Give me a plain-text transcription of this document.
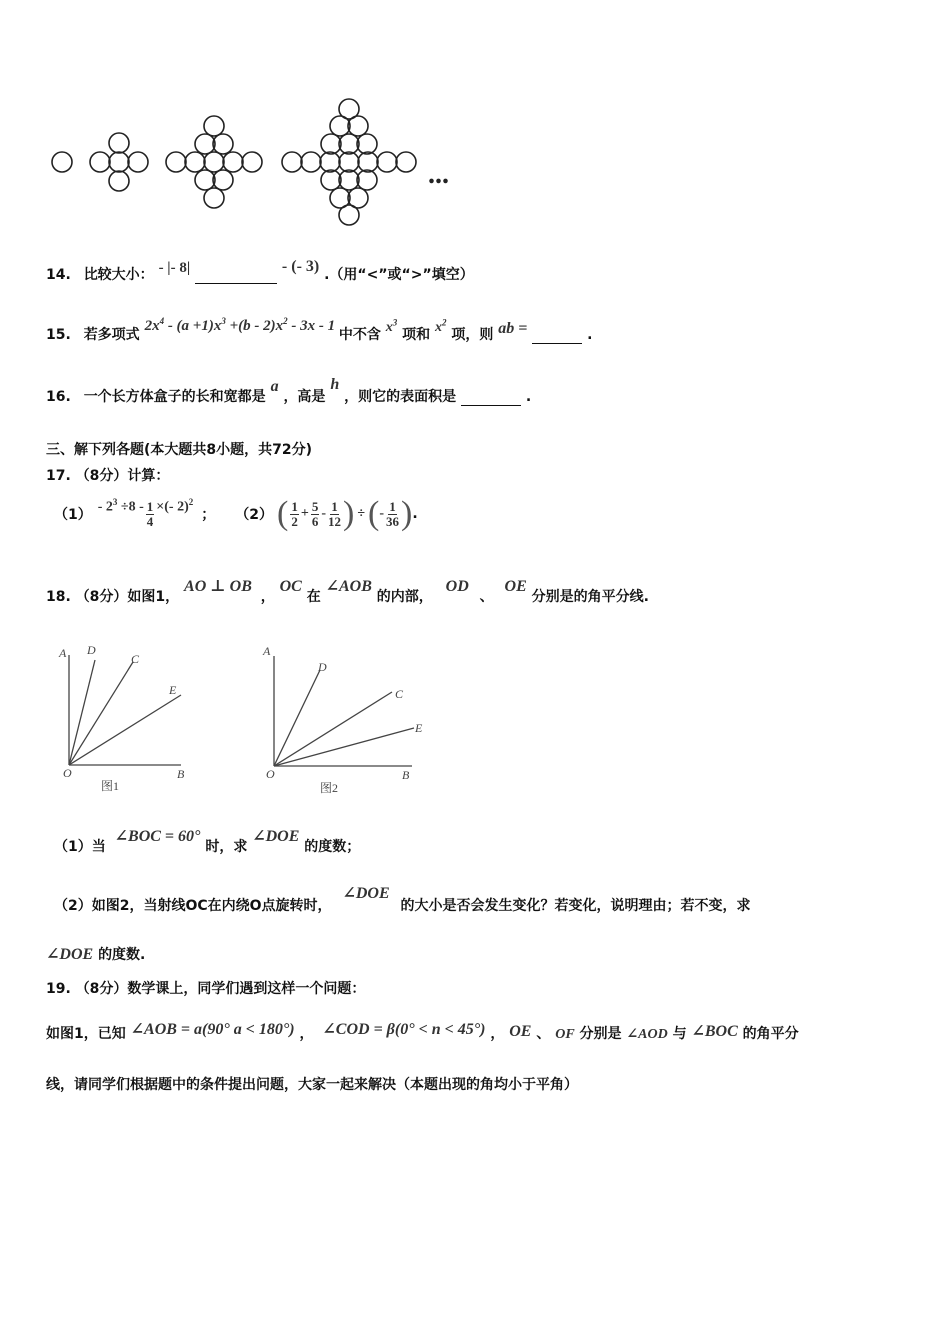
...
14. 比较大小： - |- 8|	- (- 3) .（用“<”或“>”填空）
15. 若多项式 $2x^4 - (a +1)x^3 +(b - 2)x^2 - 3x - 1$ 中不含 $x^3$ 项和 $x^2$ 项，则 ab =	.
16. 一个长方体盒子的长和宽都是 a ，高是 h ，则它的表面积是	.
三、解下列各题(本大题共8小题，共72分)
17. （8分）计算：
（1）
- $2^3 \div 8 - \frac{1}{4}$ ×(- 2)$^2$
； （2） ( $\frac{1}{2} + \frac{5}{6} - \frac{1}{12}$ ) ÷ ( - $\frac{1}{36}$ ) .
18. （8分）如图1， AO ⊥ OB ， OC 在 ∠AOB 的内部， OD 、 OE 分别是的角平分线.
A D
C
E
O	B
图1
A
D
C
E
O	B
图2
（1）当 ∠BOC = 60° 时，求 ∠DOE 的度数；
（2）如图2，当射线OC在内绕O点旋转时， ∠DOE 的大小是否会发生变化？若变化，说明理由；若不变，求
∠DOE 的度数.
19. （8分）数学课上，同学们遇到这样一个问题：
如图1，已知 ∠AOB = a(90° a < 180°) ， ∠COD = β(0° < n < 45°) ， OE 、 OF 分别是 ∠AOD 与 ∠BOC 的角平分
线，请同学们根据题中的条件提出问题，大家一起来解决（本题出现的角均小于平角）
